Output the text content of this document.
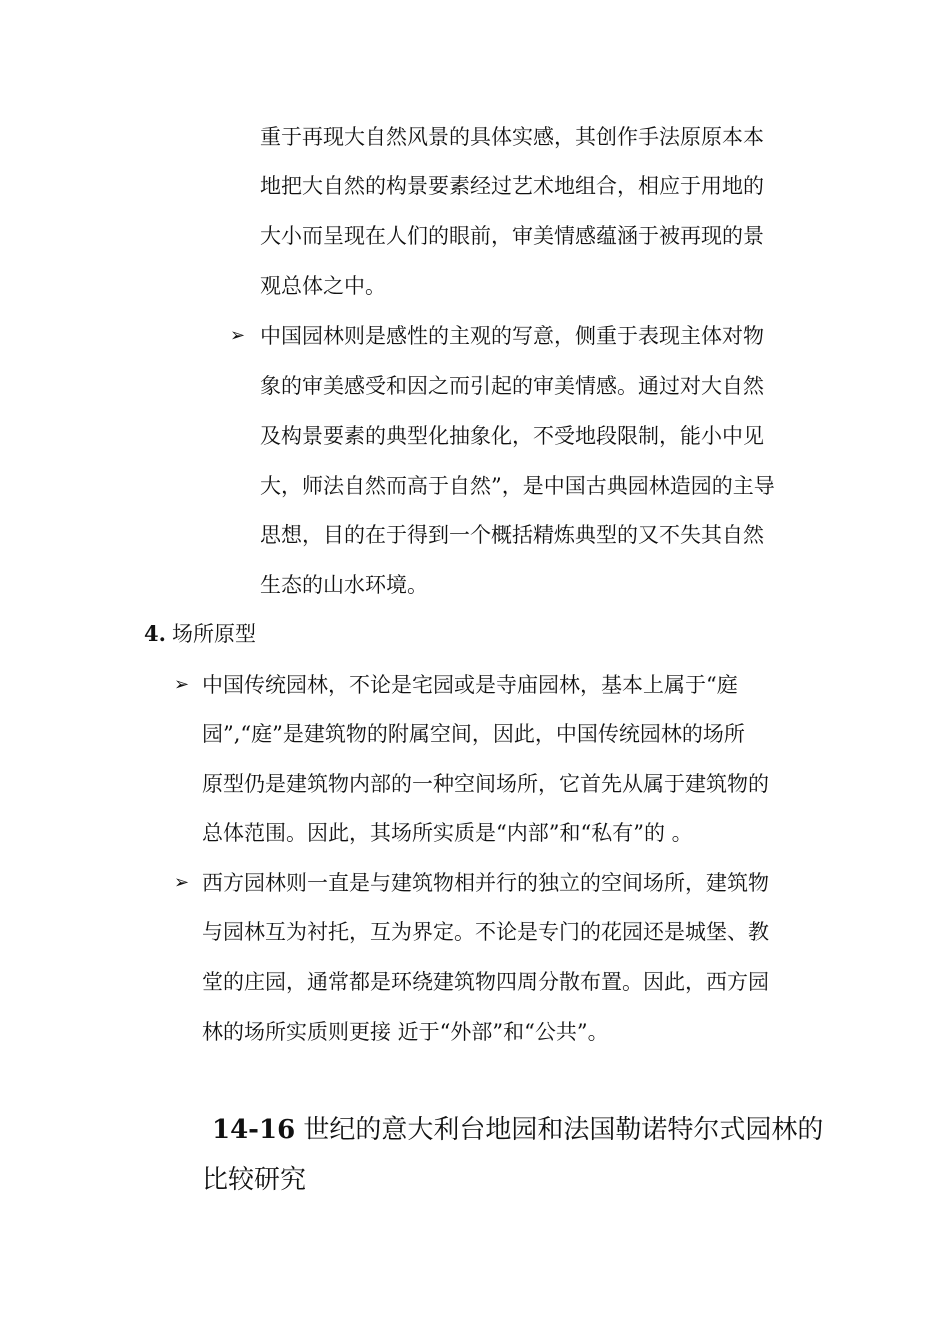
重于再现大自然风景的具体实感，其创作手法原原本本
地把大自然的构景要素经过艺术地组合，相应于用地的
大小而呈现在人们的眼前，审美情感蕴涵于被再现的景
观总体之中。
➢ 中国园林则是感性的主观的写意，侧重于表现主体对物
象的审美感受和因之而引起的审美情感。通过对大自然
及构景要素的典型化抽象化，不受地段限制，能小中见
大，师法自然而高于自然”，是中国古典园林造园的主导
思想，目的在于得到一个概括精炼典型的又不失其自然
生态的山水环境。
4. 场所原型
➢ 中国传统园林，不论是宅园或是寺庙园林，基本上属于“庭
园”,“庭”是建筑物的附属空间，因此，中国传统园林的场所
原型仍是建筑物内部的一种空间场所，它首先从属于建筑物的
总体范围。因此，其场所实质是“内部”和“私有”的 。
➢ 西方园林则一直是与建筑物相并行的独立的空间场所，建筑物
与园林互为衬托，互为界定。不论是专门的花园还是城堡、教
堂的庄园，通常都是环绕建筑物四周分散布置。因此，西方园
林的场所实质则更接 近于“外部”和“公共”。
14-16 世纪的意大利台地园和法国勒诺特尔式园林的
比较研究
